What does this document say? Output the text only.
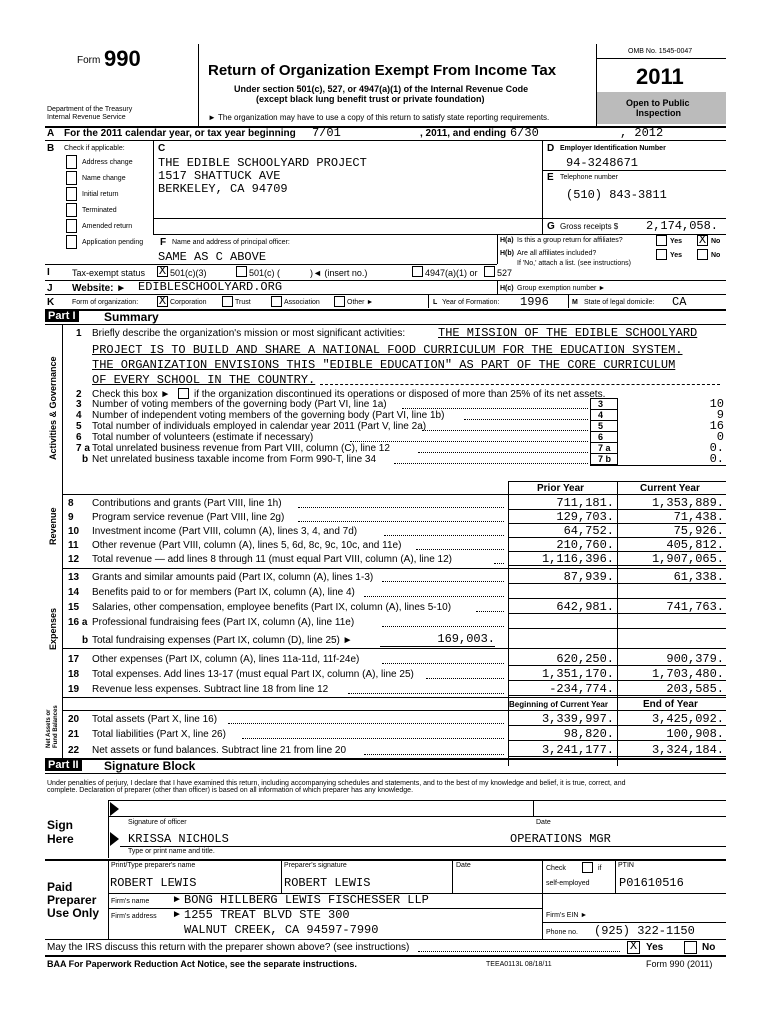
Form 990	Return of Organization Exempt From Income Tax
Under section 501(c), 527, or 4947(a)(1) of the Internal Revenue Code
(except black lung benefit trust or private foundation)
► The organization may have to use a copy of this return to satisfy state reporting requirements.
Department of the Treasury
Internal Revenue Service
OMB No. 1545-0047
2011
Open to Public
Inspection
A For the 2011 calendar year, or tax year beginning 7/01	, 2011, and ending 6/30	, 2012
B Check if applicable:
Address change
Name change
Initial return
Terminated
Amended return
Application pending
C
THE EDIBLE SCHOOLYARD PROJECT
1517 SHATTUCK AVE
BERKELEY, CA 94709
D Employer Identification Number
94-3248671
E Telephone number
(510) 843-3811
G Gross receipts $ 2,174,058.
F Name and address of principal officer:
SAME AS C ABOVE
H(a) Is this a group return for affiliates?	Yes X No
H(b) Are all affiliates included?	Yes	No
If 'No,' attach a list. (see instructions)
I Tax-exempt status X 501(c)(3)	501(c) (	)◄ (insert no.)	4947(a)(1) or 527
J Website: ► EDIBLESCHOOLYARD.ORG	H(c) Group exemption number ►
K	Form of organization: X Corporation	Trust	Association	Other ►	L Year of Formation: 1996	M State of legal domicile: CA
Part I Summary
Activities & Governance
Revenue
Expenses
Net Assets or Fund Balances
1 Briefly describe the organization's mission or most significant activities:	THE MISSION OF THE EDIBLE SCHOOLYARD
PROJECT IS TO BUILD AND SHARE A NATIONAL FOOD CURRICULUM FOR THE EDUCATION SYSTEM.
THE ORGANIZATION ENVISIONS THIS "EDIBLE EDUCATION" AS PART OF THE CORE CURRICULUM
OF EVERY SCHOOL IN THE COUNTRY.
2 Check this box ► if the organization discontinued its operations or disposed of more than 25% of its net assets.
3 Number of voting members of the governing body (Part VI, line 1a)	3	10
4 Number of independent voting members of the governing body (Part VI, line 1b)	4	9
5 Total number of individuals employed in calendar year 2011 (Part V, line 2a)	5	16
6 Total number of volunteers (estimate if necessary)	6	0
7 a Total unrelated business revenue from Part VIII, column (C), line 12	7 a	0.
b Net unrelated business taxable income from Form 990-T, line 34	7 b	0.
Prior Year	Current Year
8 Contributions and grants (Part VIII, line 1h)	711,181.	1,353,889.
9 Program service revenue (Part VIII, line 2g)	129,703.	71,438.
10 Investment income (Part VIII, column (A), lines 3, 4, and 7d)	64,752.	75,926.
11 Other revenue (Part VIII, column (A), lines 5, 6d, 8c, 9c, 10c, and 11e)	210,760.	405,812.
12 Total revenue — add lines 8 through 11 (must equal Part VIII, column (A), line 12)	1,116,396.	1,907,065.
13 Grants and similar amounts paid (Part IX, column (A), lines 1-3)	87,939.	61,338.
14 Benefits paid to or for members (Part IX, column (A), line 4)
15 Salaries, other compensation, employee benefits (Part IX, column (A), lines 5-10)	642,981.	741,763.
16 a Professional fundraising fees (Part IX, column (A), line 11e)
b Total fundraising expenses (Part IX, column (D), line 25) ►	169,003.
17 Other expenses (Part IX, column (A), lines 11a-11d, 11f-24e)	620,250.	900,379.
18 Total expenses. Add lines 13-17 (must equal Part IX, column (A), line 25)	1,351,170.	1,703,480.
19 Revenue less expenses. Subtract line 18 from line 12	-234,774.	203,585.
Beginning of Current Year	End of Year
20 Total assets (Part X, line 16)	3,339,997.	3,425,092.
21 Total liabilities (Part X, line 26)	98,820.	100,908.
22 Net assets or fund balances. Subtract line 21 from line 20	3,241,177.	3,324,184.
Part II Signature Block
Under penalties of perjury, I declare that I have examined this return, including accompanying schedules and statements, and to the best of my knowledge and belief, it is true, correct, and
complete. Declaration of preparer (other than officer) is based on all information of which preparer has any knowledge.
Sign
Here
Signature of officer	Date
KRISSA NICHOLS	OPERATIONS MGR
Type or print name and title.
Paid
Preparer
Use Only
Print/Type preparer's name	Preparer's signature	Date	Check	if
self-employed
PTIN
ROBERT LEWIS	ROBERT LEWIS	P01610516
Firm's name ► BONG HILLBERG LEWIS FISCHESSER LLP
Firm's address ► 1255 TREAT BLVD STE 300
WALNUT CREEK, CA 94597-7990
Firm's EIN ►
Phone no. (925) 322-1150
May the IRS discuss this return with the preparer shown above? (see instructions)	X Yes	No
BAA For Paperwork Reduction Act Notice, see the separate instructions.	TEEA0113L 08/18/11	Form 990 (2011)
